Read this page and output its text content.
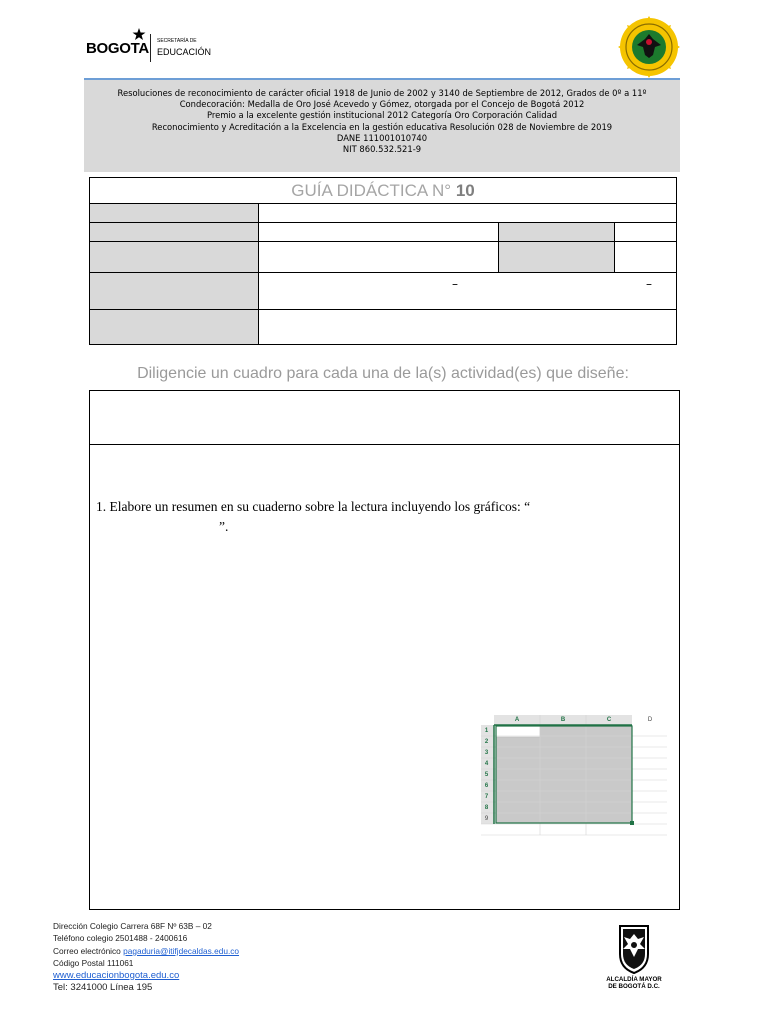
BOGOTA SECRETARÍA DE
EDUCACIÓN
Resoluciones de reconocimiento de carácter oficial 1918 de Junio de 2002 y 3140 de Septiembre de 2012, Grados de 0º a 11º
Condecoración: Medalla de Oro José Acevedo y Gómez, otorgada por el Concejo de Bogotá 2012
Premio a la excelente gestión institucional 2012 Categoría Oro Corporación Calidad
Reconocimiento y Acreditación a la Excelencia en la gestión educativa Resolución 028 de Noviembre de 2019
DANE 111001010740
NIT 860.532.521-9
GUÍA DIDÁCTICA N° 10
–	–
Diligencie un cuadro para cada una de la(s) actividad(es) que diseñe:
1. Elabore un resumen en su cuaderno sobre la lectura incluyendo los gráficos: “
”.
A	B	C	D
1
2
3
4
5
6
7
8
9
Dirección Colegio Carrera 68F Nº 63B – 02
Teléfono colegio 2501488 - 2400616
Correo electrónico pagaduria@itifjdecaldas.edu.co
Código Postal 111061
www.educacionbogota.edu.co
Tel: 3241000 Línea 195
ALCALDÍA MAYOR
DE BOGOTÁ D.C.
